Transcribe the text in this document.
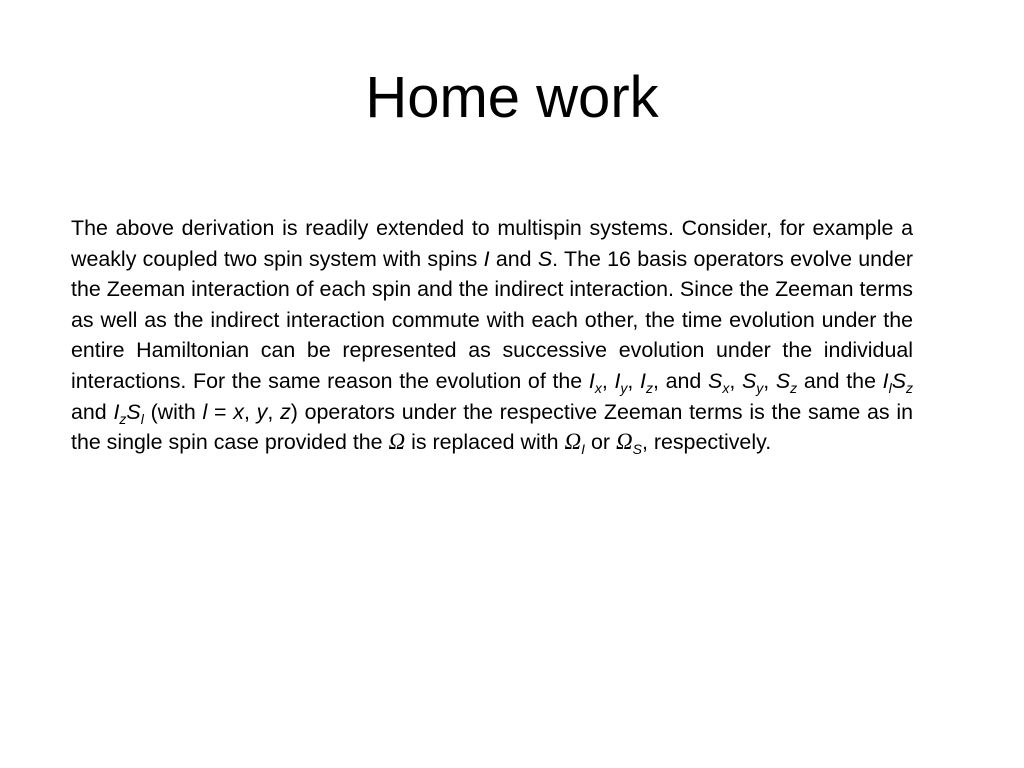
Home work

The above derivation is readily extended to multispin systems. Consider, for example a weakly coupled two spin system with spins I and S. The 16 basis operators evolve under the Zeeman interaction of each spin and the indirect interaction. Since the Zeeman terms as well as the indirect interaction commute with each other, the time evolution under the entire Hamiltonian can be represented as successive evolution under the individual interactions. For the same reason the evolution of the $I_x$, $I_y$, $I_z$, and $S_x$, $S_y$, $S_z$ and the $I_lS_z$ and $I_zS_l$ (with l = x, y, z) operators under the respective Zeeman terms is the same as in the single spin case provided the Ω is replaced with $\Omega_I$ or $\Omega_S$, respectively.
